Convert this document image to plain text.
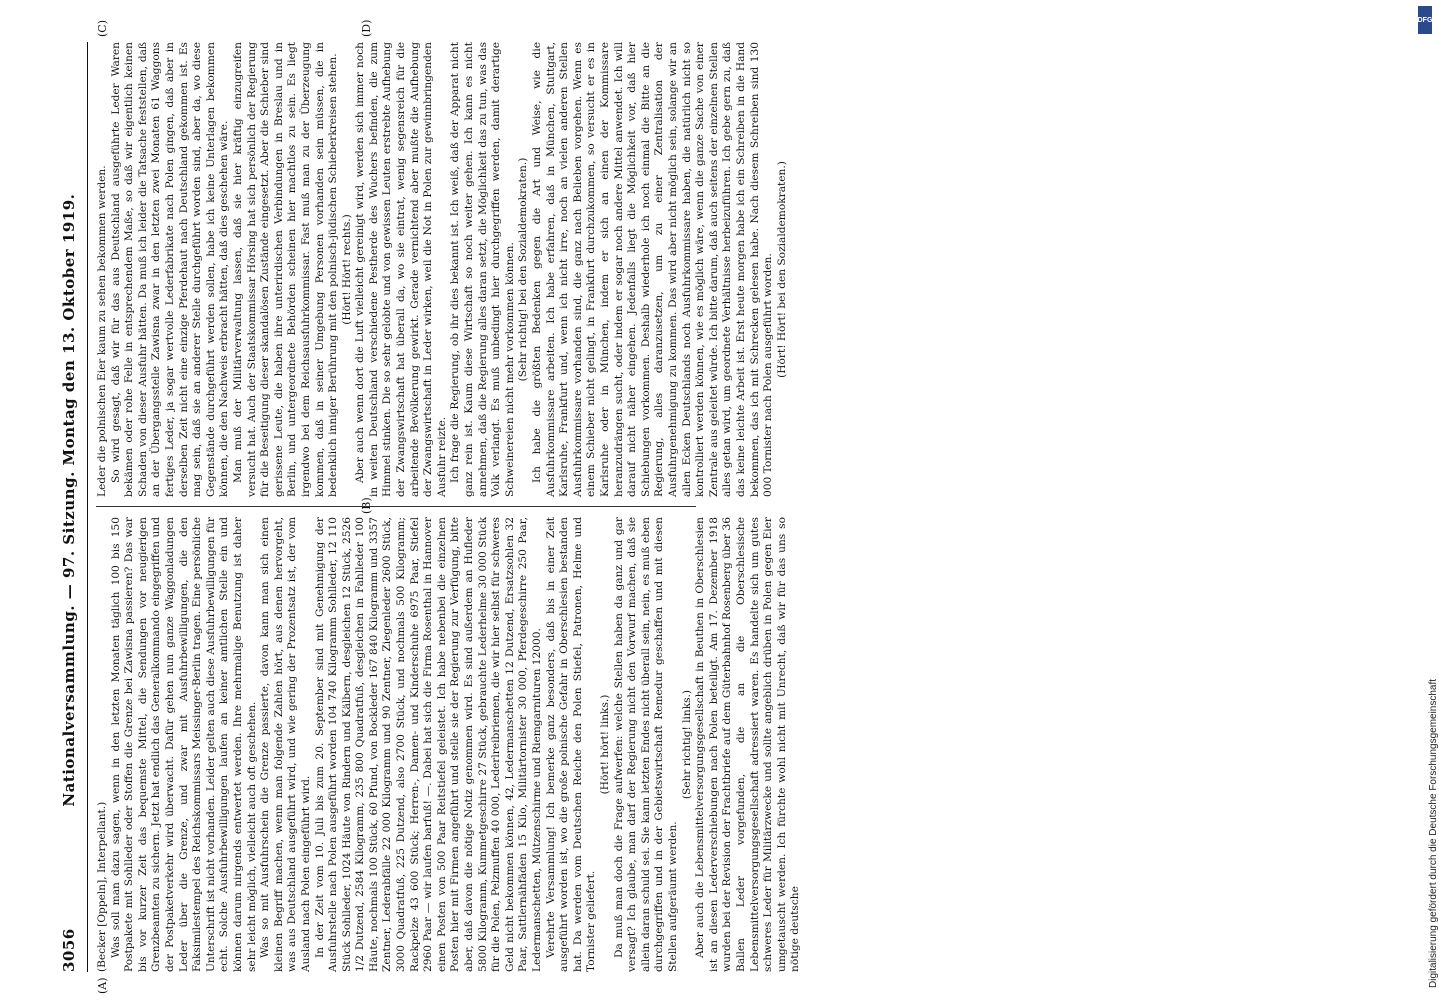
3056
Nationalversammlung. — 97. Sitzung. Montag den 13. Oktober 1919.
(A)
(B)
(C)	(D)

(Becker [Oppeln], Interpellant.) Was soll man dazu sagen, wenn in den letzten Monaten täglich 100 bis 150 Postpakete mit Sohlleder oder Stoffen die Grenze bei Zawisna passieren? Das war bis vor kurzer Zeit das bequemste Mittel, die Sendungen vor neugierigen Grenzbeamten zu sichern. Jetzt hat endlich das Generalkommando eingegriffen und der Postpaketverkehr wird überwacht. Dafür gehen nun ganze Waggonladungen Leder über die Grenze, und zwar mit Ausfuhrbewilligungen, die den Faksimilestempel des Reichskommissars Meissinger-Berlin tragen. Eine persönliche Unterschrift ist nicht vorhanden. Leider gelten auch diese Ausfuhrbewilligungen für echt. Solche Ausfuhrbewilligungen laufen an keiner amtlichen Stelle ein und können darum nirgends entwertet werden. Ihre mehrmalige Benutzung ist daher sehr leicht möglich, vielleicht auch oft geschehen. Was so mit Ausfuhrschein die Grenze passierte, davon kann man sich einen kleinen Begriff machen, wenn man folgende Zahlen hört, aus denen hervorgeht, was aus Deutschland ausgeführt wird, und wie gering der Prozentsatz ist, der vom Ausland nach Polen eingeführt wird. In der Zeit vom 10. Juli bis zum 20. September sind mit Genehmigung der Ausfuhrstelle nach Polen ausgeführt worden 104 740 Kilogramm Sohlleder, 12 110 Stück Sohlleder, 1024 Häute von Rindern und Kälbern, desgleichen 12 Stück, 2526 1/2 Dutzend, 2584 Kilogramm, 235 800 Quadratfuß, desgleichen in Fahlleder 100 Häute, nochmals 100 Stück, 60 Pfund, von Bockleder 167 840 Kilogramm und 3357 Zentner, Lederabfälle 22 000 Kilogramm und 90 Zentner, Ziegenleder 2600 Stück, 3000 Quadratfuß, 225 Dutzend, also 2700 Stück, und nochmals 500 Kilogramm; Rackpelze 43 600 Stück; Herren-, Damen- und Kinderschuhe 6975 Paar, Stiefel 2960 Paar — wir laufen barfuß! —. Dabei hat sich die Firma Rosenthal in Hannover einen Posten von 500 Paar Reitstiefel geleistet. Ich habe nebenbei die einzelnen Posten hier mit Firmen angeführt und stelle sie der Regierung zur Verfügung, bitte aber, daß davon die nötige Notiz genommen wird. Es sind außerdem an Hufleder 5800 Kilogramm, Kummetgeschirre 27 Stück, gebrauchte Lederhelme 30 000 Stück für die Polen, Pelzmuffen 40 000, Lederlreibriemen, die wir hier selbst für schweres Geld nicht bekommen können, 42, Ledermanschetten 12 Dutzend, Ersatzsohlen 32 Paar, Sattlernähfäden 15 Kilo, Militärtornister 30 000, Pferdegeschirre 250 Paar, Ledermanschetten, Mützenschirme und Riemgarnituren 12000. Verehrte Versammlung! Ich bemerke ganz besonders, daß bis in einer Zeit ausgeführt worden ist, wo die große polnische Gefahr in Oberschlesien bestanden hat. Da werden vom Deutschen Reiche den Polen Stiefel, Patronen, Helme und Tornister geliefert.

(Hört! hört! links.) Da muß man doch die Frage aufwerfen: welche Stellen haben da ganz und gar versagt? Ich glaube, man darf der Regierung nicht den Vorwurf machen, daß sie allein daran schuld sei. Sie kann letzten Endes nicht überall sein, nein, es muß eben durchgegriffen und in der Gebietswirtschaft Remedur geschaffen und mit diesen Stellen aufgeräumt werden.

(Sehr richtig! links.) Aber auch die Lebensmittelversorgungsgesellschaft in Beuthen in Oberschlesien ist an diesen Lederverschiebungen nach Polen beteiligt. Am 17. Dezember 1918 wurden bei der Revision der Frachtbriefe auf dem Güterbahnhof Rosenberg über 36 Ballen Leder vorgefunden, die an die Oberschlesische Lebensmittelversorgungsgesellschaft adressiert waren. Es handelte sich um gutes schweres Leder für Militärzwecke und sollte angeblich drüben in Polen gegen Eier umgetauscht werden. Ich fürchte wohl nicht mit Unrecht, daß wir für das uns so nötige deutsche

Leder die polnischen Eier kaum zu sehen bekommen werden. So wird gesagt, daß wir für das aus Deutschland ausgeführte Leder Waren bekämen oder rohe Felle in entsprechendem Maße, so daß wir eigentlich keinen Schaden von dieser Ausfuhr hätten. Da muß ich leider die Tatsache feststellen, daß an der Übergangsstelle Zawisna zwar in den letzten zwei Monaten 61 Waggons fertiges Leder, ja sogar wertvolle Lederfabrikate nach Polen gingen, daß aber in derselben Zeit nicht eine einzige Pferdehaut nach Deutschland gekommen ist. Es mag sein, daß sie an anderer Stelle durchgeführt worden sind, aber da, wo diese Gegenstände durchgeführt werden sollen, habe ich keine Unterlagen bekommen können, die den Nachweis erbracht hätten, daß dies geschehen wäre. Man muß der Militärverwaltung lassen, daß sie hier kräftig einzugreifen versucht hat. Auch der Staatskommissar Hörsing hat sich persönlich der Regierung für die Beseitigung dieser skandalösen Zustände eingesetzt. Aber die Schieber sind gerissene Leute, die haben ihre unterirdischen Verbindungen in Breslau und in Berlin, und untergeordnete Behörden scheinen hier machtlos zu sein. Es liegt irgendwo bei dem Reichsausfuhrkommissar. Fast muß man zu der Überzeugung kommen, daß in seiner Umgebung Personen vorhanden sein müssen, die in bedenklich inniger Berührung mit den polnisch-jüdischen Schieberkreisen stehen. (Hört! Hört! rechts.) Aber auch wenn dort die Luft vielleicht gereinigt wird, werden sich immer noch in weiten Deutschland verschiedene Pestherde des Wuchers befinden, die zum Himmel stinken. Die so sehr gelobte und von gewissen Leuten erstrebte Aufhebung der Zwangswirtschaft hat überall da, wo sie eintrat, wenig segensreich für die arbeitende Bevölkerung gewirkt. Gerade vernichtend aber mußte die Aufhebung der Zwangswirtschaft in Leder wirken, weil die Not in Polen zur gewinnbringenden Ausfuhr reizte. Ich frage die Regierung, ob ihr dies bekannt ist. Ich weiß, daß der Apparat nicht ganz rein ist. Kaum diese Wirtschaft so noch weiter gehen. Ich kann es nicht annehmen, daß die Regierung alles daran setzt, die Möglichkeit das zu tun, was das Volk verlangt. Es muß unbedingt hier durchgegriffen werden, damit derartige Schweinereien nicht mehr vorkommen können. (Sehr richtig! bei den Sozialdemokraten.) Ich habe die größten Bedenken gegen die Art und Weise, wie die Ausfuhrkommissare arbeiten. Ich habe erfahren, daß in München, Stuttgart, Karlsruhe, Frankfurt und, wenn ich nicht irre, noch an vielen anderen Stellen Ausfuhrkommissare vorhanden sind, die ganz nach Belieben vorgehen. Wenn es einem Schieber nicht gelingt, in Frankfurt durchzukommen, so versucht er es in Karlsruhe oder in München, indem er sich an einen der Kommissare heranzudrängen sucht, oder indem er sogar noch andere Mittel anwendet. Ich will darauf nicht näher eingehen. Jedenfalls liegt die Möglichkeit vor, daß hier Schiebungen vorkommen. Deshalb wiederhole ich noch einmal die Bitte an die Regierung, alles daranzusetzen, um zu einer Zentralisation der Ausfuhrgenehmigung zu kommen. Das wird aber nicht möglich sein, solange wir an allen Ecken Deutschlands noch Ausfuhrkommissare haben, die natürlich nicht so kontrolliert werden können, wie es möglich wäre, wenn die ganze Sache von einer Zentrale aus geleitet würde. Ich bitte darum, daß auch seitens der einzelnen Stellen alles getan wird, um geordnete Verhältnisse herbeizuführen. Ich gebe gern zu, daß das keine leichte Arbeit ist. Erst heute morgen habe ich ein Schreiben in die Hand bekommen, das ich mit Schrecken gelesen habe. Nach diesem Schreiben sind 130 000 Tornister nach Polen ausgeführt worden. (Hört! Hört! bei den Sozialdemokraten.)

DFG
Digitalisierung gefördert durch die Deutsche Forschungsgemeinschaft
